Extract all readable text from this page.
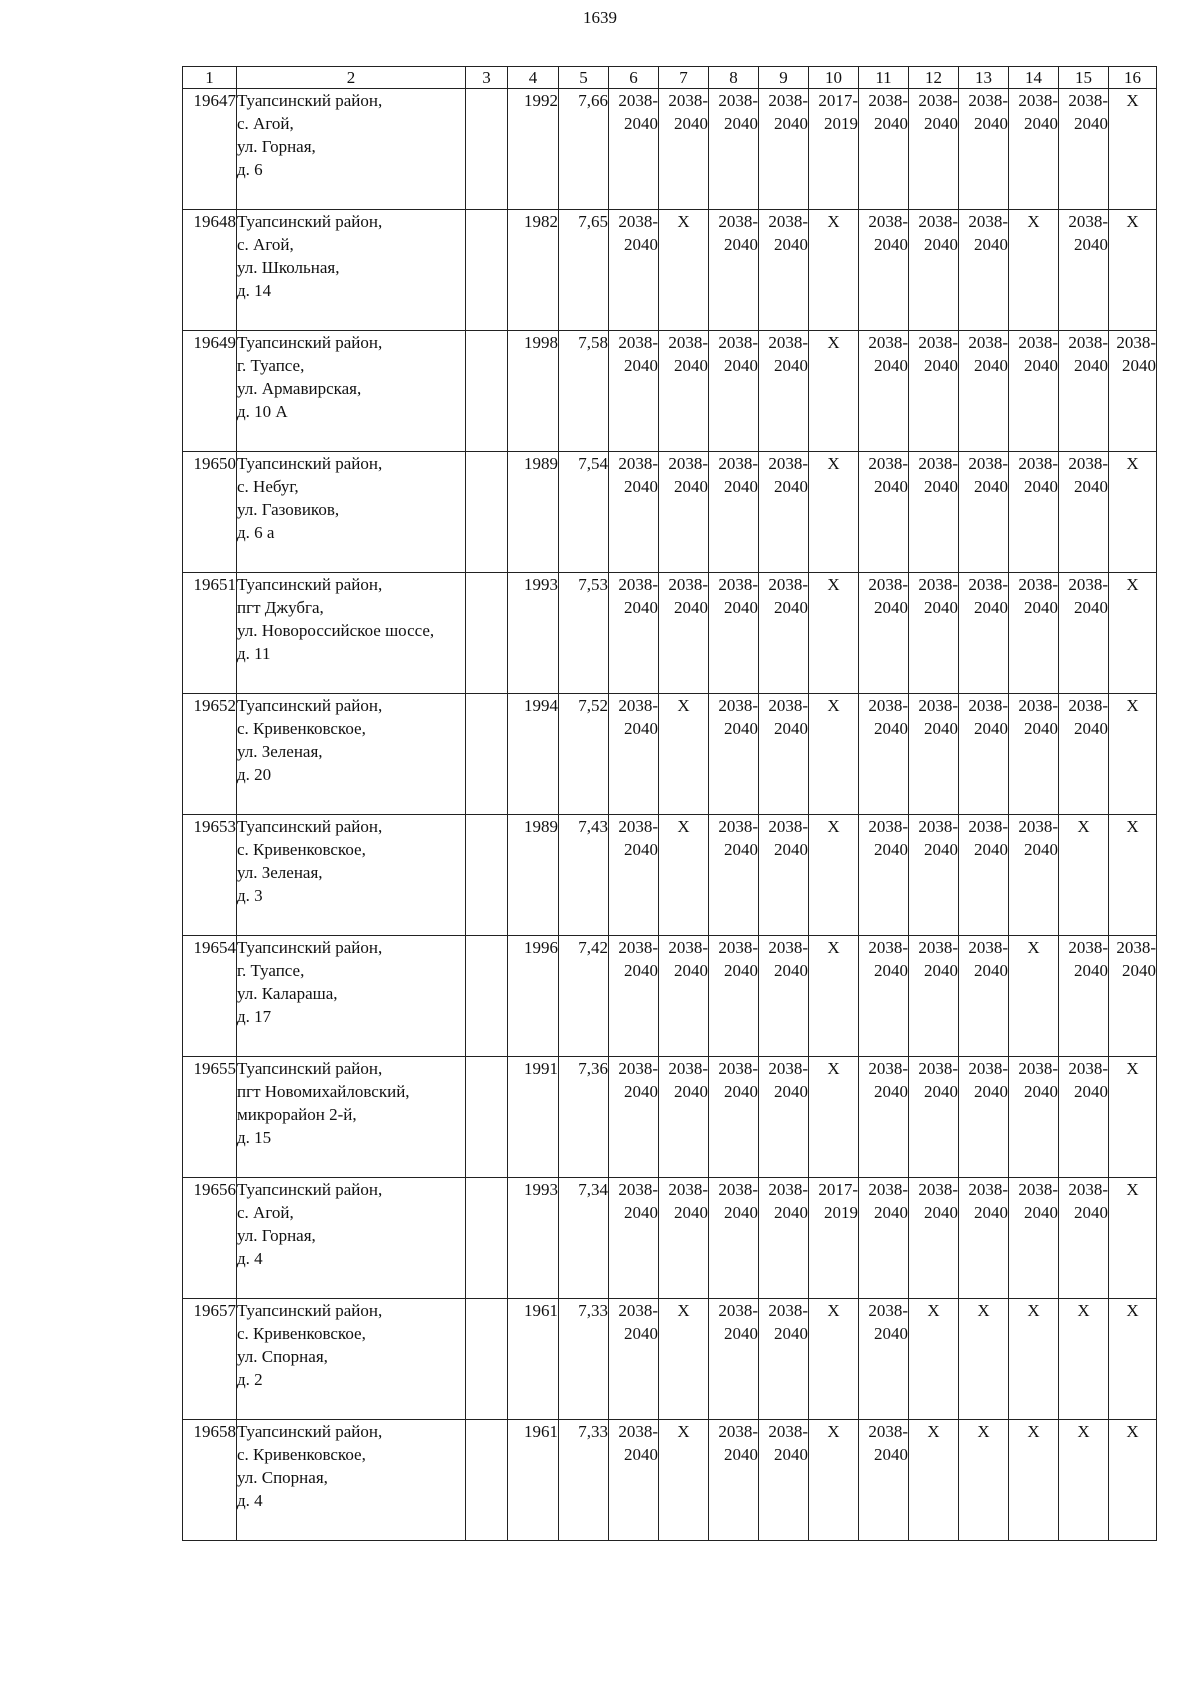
1639
1	2	3	4	5	6	7	8	9	10	11	12	13	14	15	16
19647	Туапсинский район,
с. Агой,
ул. Горная,
д. 6		1992	7,66	2038-
2040	2038-
2040	2038-
2040	2038-
2040	2017-
2019	2038-
2040	2038-
2040	2038-
2040	2038-
2040	2038-
2040	X
19648	Туапсинский район,
с. Агой,
ул. Школьная,
д. 14		1982	7,65	2038-
2040	X	2038-
2040	2038-
2040	X	2038-
2040	2038-
2040	2038-
2040	X	2038-
2040	X
19649	Туапсинский район,
г. Туапсе,
ул. Армавирская,
д. 10 А		1998	7,58	2038-
2040	2038-
2040	2038-
2040	2038-
2040	X	2038-
2040	2038-
2040	2038-
2040	2038-
2040	2038-
2040	2038-
2040

19650	Туапсинский район,
с. Небуг,
ул. Газовиков,
д. 6 а		1989	7,54	2038-
2040	2038-
2040	2038-
2040	2038-
2040	X	2038-
2040	2038-
2040	2038-
2040	2038-
2040	2038-
2040	X
19651	Туапсинский район,
пгт Джубга,
ул. Новороссийское шоссе,
д. 11		1993	7,53	2038-
2040	2038-
2040	2038-
2040	2038-
2040	X	2038-
2040	2038-
2040	2038-
2040	2038-
2040	2038-
2040	X
19652	Туапсинский район,
с. Кривенковское,
ул. Зеленая,
д. 20		1994	7,52	2038-
2040	X	2038-
2040	2038-
2040	X	2038-
2040	2038-
2040	2038-
2040	2038-
2040	2038-
2040	X
19653	Туапсинский район,
с. Кривенковское,
ул. Зеленая,
д. 3		1989	7,43	2038-
2040	X	2038-
2040	2038-
2040	X	2038-
2040	2038-
2040	2038-
2040	2038-
2040	X	X
19654	Туапсинский район,
г. Туапсе,
ул. Калараша,
д. 17		1996	7,42	2038-
2040	2038-
2040	2038-
2040	2038-
2040	X	2038-
2040	2038-
2040	2038-
2040	X	2038-
2040	2038-
2040

19655	Туапсинский район,
пгт Новомихайловский,
микрорайон 2-й,
д. 15		1991	7,36	2038-
2040	2038-
2040	2038-
2040	2038-
2040	X	2038-
2040	2038-
2040	2038-
2040	2038-
2040	2038-
2040	X
19656	Туапсинский район,
с. Агой,
ул. Горная,
д. 4		1993	7,34	2038-
2040	2038-
2040	2038-
2040	2038-
2040	2017-
2019	2038-
2040	2038-
2040	2038-
2040	2038-
2040	2038-
2040	X
19657	Туапсинский район,
с. Кривенковское,
ул. Спорная,
д. 2		1961	7,33	2038-
2040	X	2038-
2040	2038-
2040	X	2038-
2040	X	X	X	X	X
19658	Туапсинский район,
с. Кривенковское,
ул. Спорная,
д. 4		1961	7,33	2038-
2040	X	2038-
2040	2038-
2040	X	2038-
2040	X	X	X	X	X
